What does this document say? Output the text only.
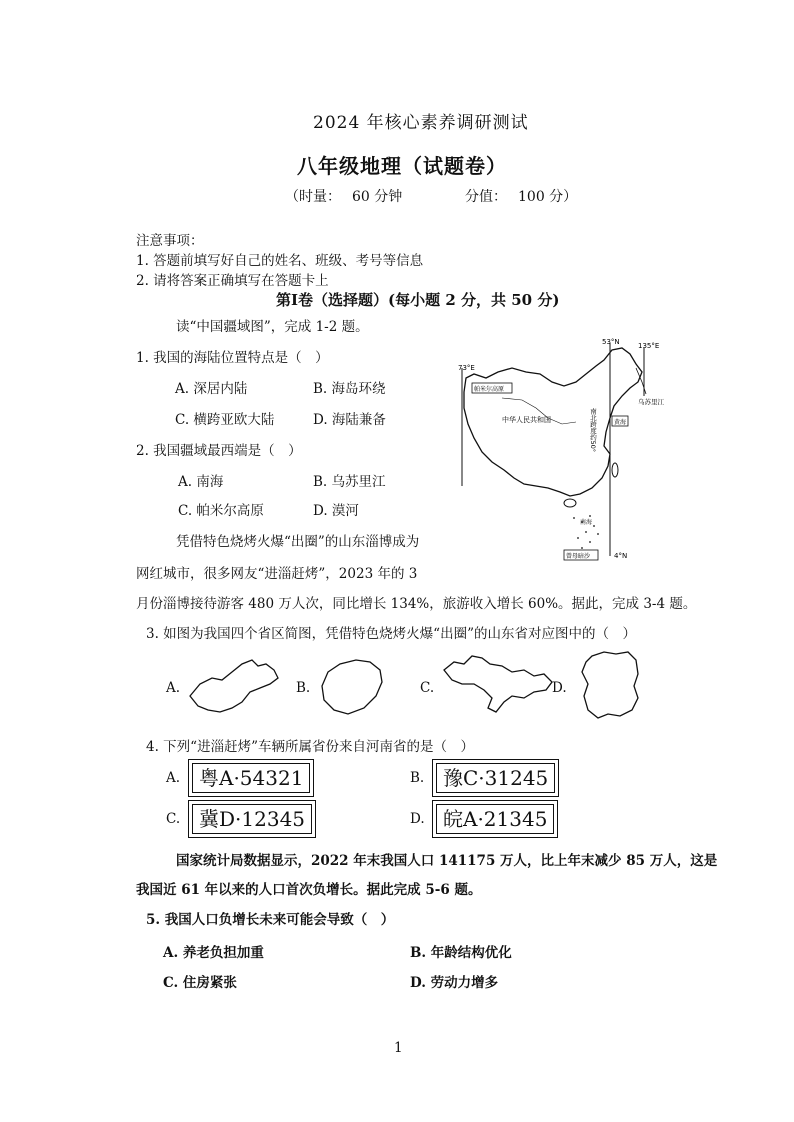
2024 年核心素养调研测试
八年级地理（试题卷）
（时量： 60 分钟	分值： 100 分）
注意事项：
1. 答题前填写好自己的姓名、班级、考号等信息
2. 请将答案正确填写在答题卡上
第Ⅰ卷（选择题）(每小题 2 分，共 50 分)
读“中国疆域图”，完成 1-2 题。
1. 我国的海陆位置特点是（　）
A. 深居内陆	B. 海岛环绕
C. 横跨亚欧大陆	D. 海陆兼备
2. 我国疆域最西端是（　）
A. 南海	B. 乌苏里江
C. 帕米尔高原	D. 漠河
73°E
53°N	135°E
帕米尔高原
中华人民共和国
乌苏里江
黄海
南海
曾母暗沙	4°N
南北跨度约50°
凭借特色烧烤火爆“出圈”的山东淄博成为
网红城市，很多网友“进淄赶烤”，2023 年的 3
月份淄博接待游客 480 万人次，同比增长 134%，旅游收入增长 60%。据此，完成 3-4 题。
3. 如图为我国四个省区简图，凭借特色烧烤火爆“出圈”的山东省对应图中的（　）
A.	B.	C.	D.
4. 下列“进淄赶烤”车辆所属省份来自河南省的是（　）
A. 粤A·54321	B. 豫C·31245
C. 冀D·12345	D. 皖A·21345
国家统计局数据显示，2022 年末我国人口 141175 万人，比上年末减少 85 万人，这是
我国近 61 年以来的人口首次负增长。据此完成 5-6 题。
5. 我国人口负增长未来可能会导致（　）
A. 养老负担加重	B. 年龄结构优化
C. 住房紧张	D. 劳动力增多
1
